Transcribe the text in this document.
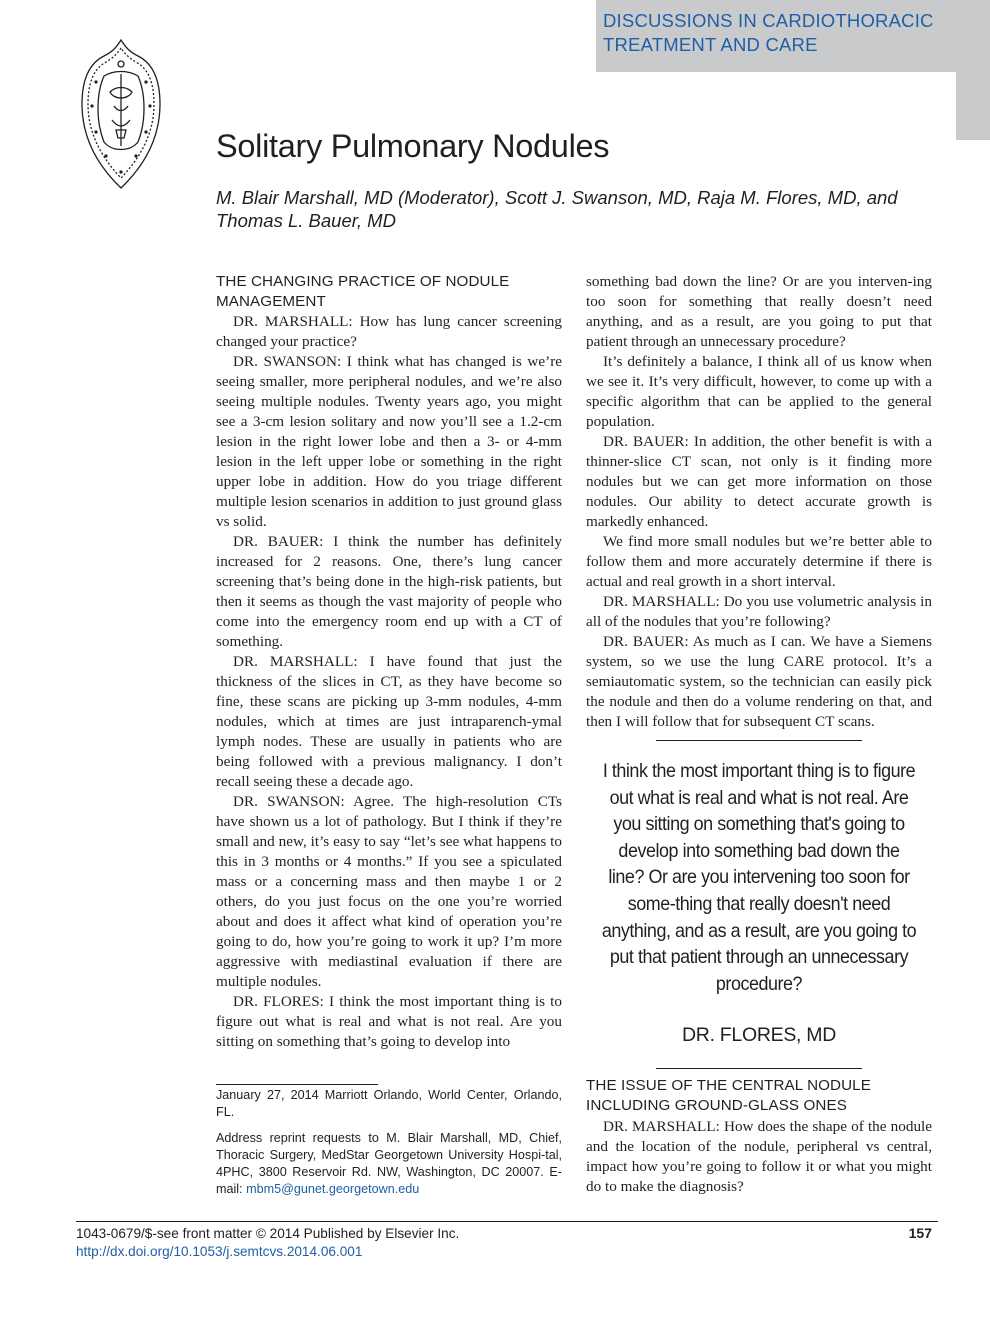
DISCUSSIONS IN CARDIOTHORACIC
TREATMENT AND CARE
Solitary Pulmonary Nodules
M. Blair Marshall, MD (Moderator), Scott J. Swanson, MD, Raja M. Flores, MD, and Thomas L. Bauer, MD
THE CHANGING PRACTICE OF NODULE MANAGEMENT

DR. MARSHALL: How has lung cancer screening changed your practice?

DR. SWANSON: I think what has changed is we’re seeing smaller, more peripheral nodules, and we’re also seeing multiple nodules. Twenty years ago, you might see a 3-cm lesion solitary and now you’ll see a 1.2-cm lesion in the right lower lobe and then a 3- or 4-mm lesion in the left upper lobe or something in the right upper lobe in addition. How do you triage different multiple lesion scenarios in addition to just ground glass vs solid.

DR. BAUER: I think the number has definitely increased for 2 reasons. One, there’s lung cancer screening that’s being done in the high-risk patients, but then it seems as though the vast majority of people who come into the emergency room end up with a CT of something.

DR. MARSHALL: I have found that just the thickness of the slices in CT, as they have become so fine, these scans are picking up 3-mm nodules, 4-mm nodules, which at times are just intraparench-ymal lymph nodes. These are usually in patients who are being followed with a previous malignancy. I don’t recall seeing these a decade ago.

DR. SWANSON: Agree. The high-resolution CTs have shown us a lot of pathology. But I think if they’re small and new, it’s easy to say “let’s see what happens to this in 3 months or 4 months.” If you see a spiculated mass or a concerning mass and then maybe 1 or 2 others, do you just focus on the one you’re worried about and does it affect what kind of operation you’re going to do, how you’re going to work it up? I’m more aggressive with mediastinal evaluation if there are multiple nodules.

DR. FLORES: I think the most important thing is to figure out what is real and what is not real. Are you sitting on something that’s going to develop into

something bad down the line? Or are you interven-ing too soon for something that really doesn’t need anything, and as a result, are you going to put that patient through an unnecessary procedure?

It’s definitely a balance, I think all of us know when we see it. It’s very difficult, however, to come up with a specific algorithm that can be applied to the general population.

DR. BAUER: In addition, the other benefit is with a thinner-slice CT scan, not only is it finding more nodules but we can get more information on those nodules. Our ability to detect accurate growth is markedly enhanced.

We find more small nodules but we’re better able to follow them and more accurately determine if there is actual and real growth in a short interval.

DR. MARSHALL: Do you use volumetric analysis in all of the nodules that you’re following?

DR. BAUER: As much as I can. We have a Siemens system, so we use the lung CARE protocol. It’s a semiautomatic system, so the technician can easily pick the nodule and then do a volume rendering on that, and then I will follow that for subsequent CT scans.

I think the most important thing is to figure out what is real and what is not real. Are you sitting on something that's going to develop into something bad down the line? Or are you intervening too soon for some-thing that really doesn't need anything, and as a result, are you going to put that patient through an unnecessary procedure?

DR. FLORES, MD

THE ISSUE OF THE CENTRAL NODULE INCLUDING GROUND-GLASS ONES

DR. MARSHALL: How does the shape of the nodule and the location of the nodule, peripheral vs central, impact how you’re going to follow it or what you might do to make the diagnosis?

January 27, 2014 Marriott Orlando, World Center, Orlando, FL.

Address reprint requests to M. Blair Marshall, MD, Chief, Thoracic Surgery, MedStar Georgetown University Hospi-tal, 4PHC, 3800 Reservoir Rd. NW, Washington, DC 20007. E-mail: mbm5@gunet.georgetown.edu

1043-0679/$-see front matter © 2014 Published by Elsevier Inc.
http://dx.doi.org/10.1053/j.semtcvs.2014.06.001
157
